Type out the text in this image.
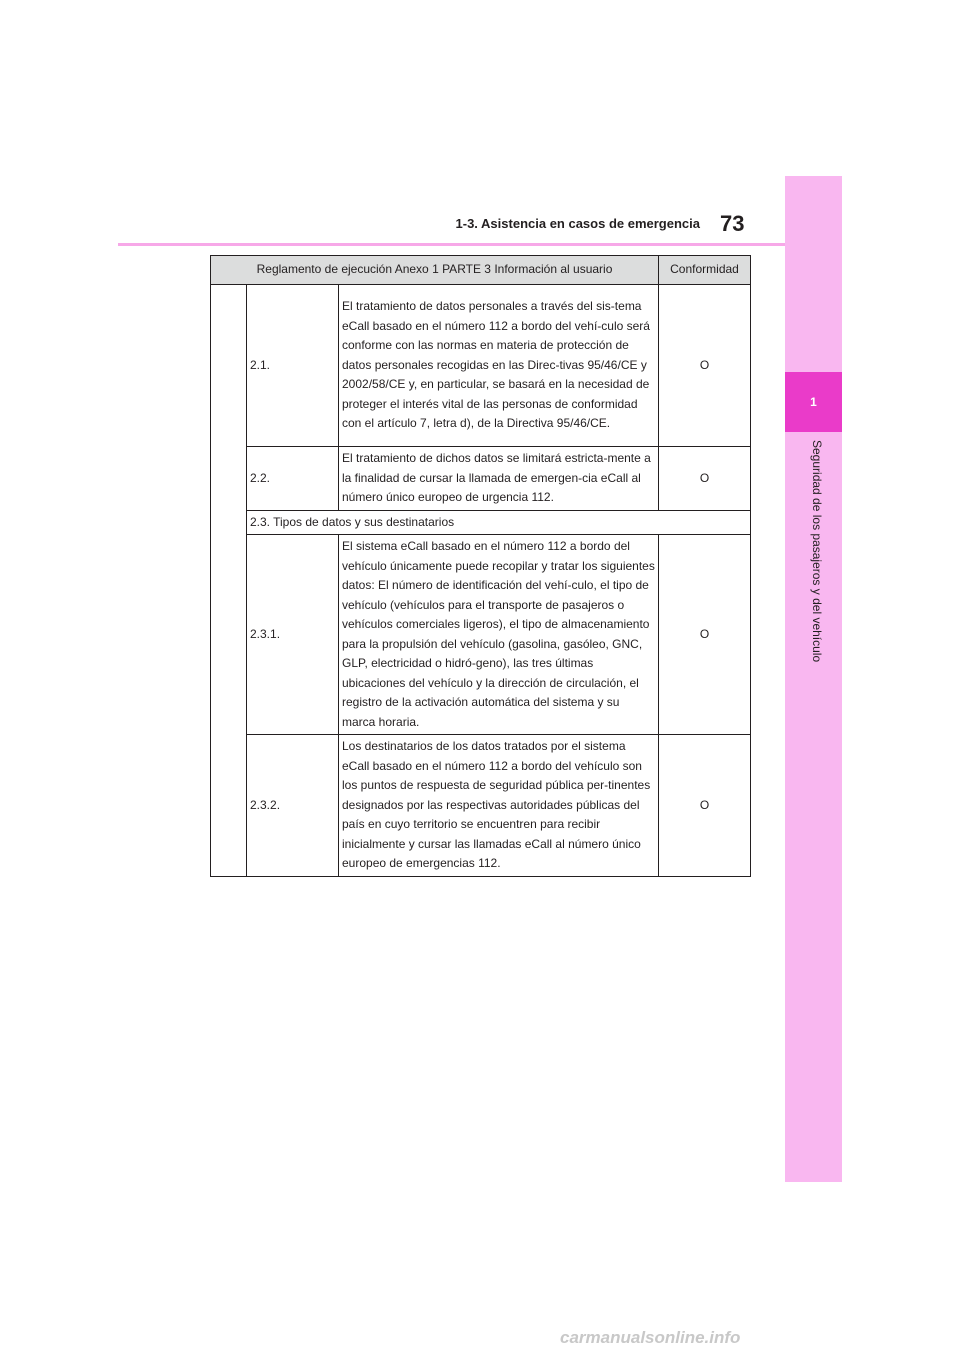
1-3. Asistencia en casos de emergencia 73
1
Seguridad de los pasajeros y del vehículo
Reglamento de ejecución Anexo 1 PARTE 3 Información al usuario			Conformidad
	2.1.	El tratamiento de datos personales a través del sis-tema eCall basado en el número 112 a bordo del vehí-culo será conforme con las normas en materia de protección de datos personales recogidas en las Direc-tivas 95/46/CE y 2002/58/CE y, en particular, se basará en la necesidad de proteger el interés vital de las personas de conformidad con el artículo 7, letra d), de la Directiva 95/46/CE.	O
	2.2.	El tratamiento de dichos datos se limitará estricta-mente a la finalidad de cursar la llamada de emergen-cia eCall al número único europeo de urgencia 112.	O
	2.3. Tipos de datos y sus destinatarios		
	2.3.1.	El sistema eCall basado en el número 112 a bordo del vehículo únicamente puede recopilar y tratar los siguientes datos: El número de identificación del vehí-culo, el tipo de vehículo (vehículos para el transporte de pasajeros o vehículos comerciales ligeros), el tipo de almacenamiento para la propulsión del vehículo (gasolina, gasóleo, GNC, GLP, electricidad o hidró-geno), las tres últimas ubicaciones del vehículo y la dirección de circulación, el registro de la activación automática del sistema y su marca horaria.	O
	2.3.2.	Los destinatarios de los datos tratados por el sistema eCall basado en el número 112 a bordo del vehículo son los puntos de respuesta de seguridad pública per-tinentes designados por las respectivas autoridades públicas del país en cuyo territorio se encuentren para recibir inicialmente y cursar las llamadas eCall al número único europeo de emergencias 112.	O
carmanualsonline.info
